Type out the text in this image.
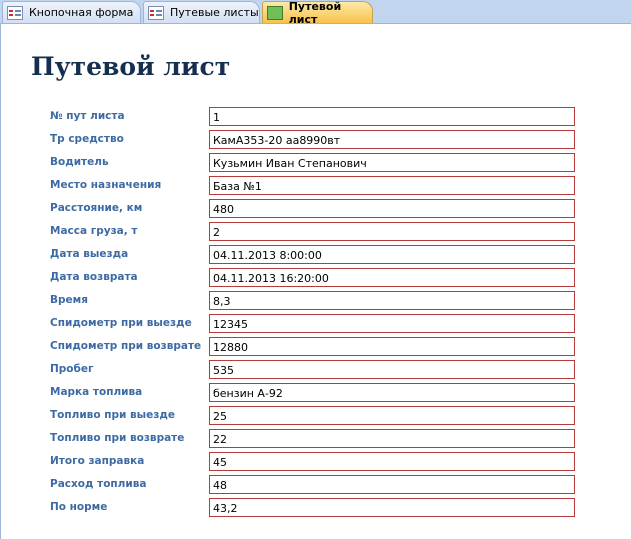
Кнопочная форма	Путевые листы	Путевой лист
Путевой лист
№ пут листа	1
Тр средство	КамА353-20 аа8990вт
Водитель	Кузьмин Иван Степанович
Место назначения	База №1
Расстояние, км	480
Масса груза, т	2
Дата выезда	04.11.2013 8:00:00
Дата возврата	04.11.2013 16:20:00
Время	8,3
Спидометр при выезде	12345
Спидометр при возврате	12880
Пробег	535
Марка топлива	бензин А-92
Топливо при выезде	25
Топливо при возврате	22
Итого заправка	45
Расход топлива	48
По норме	43,2
